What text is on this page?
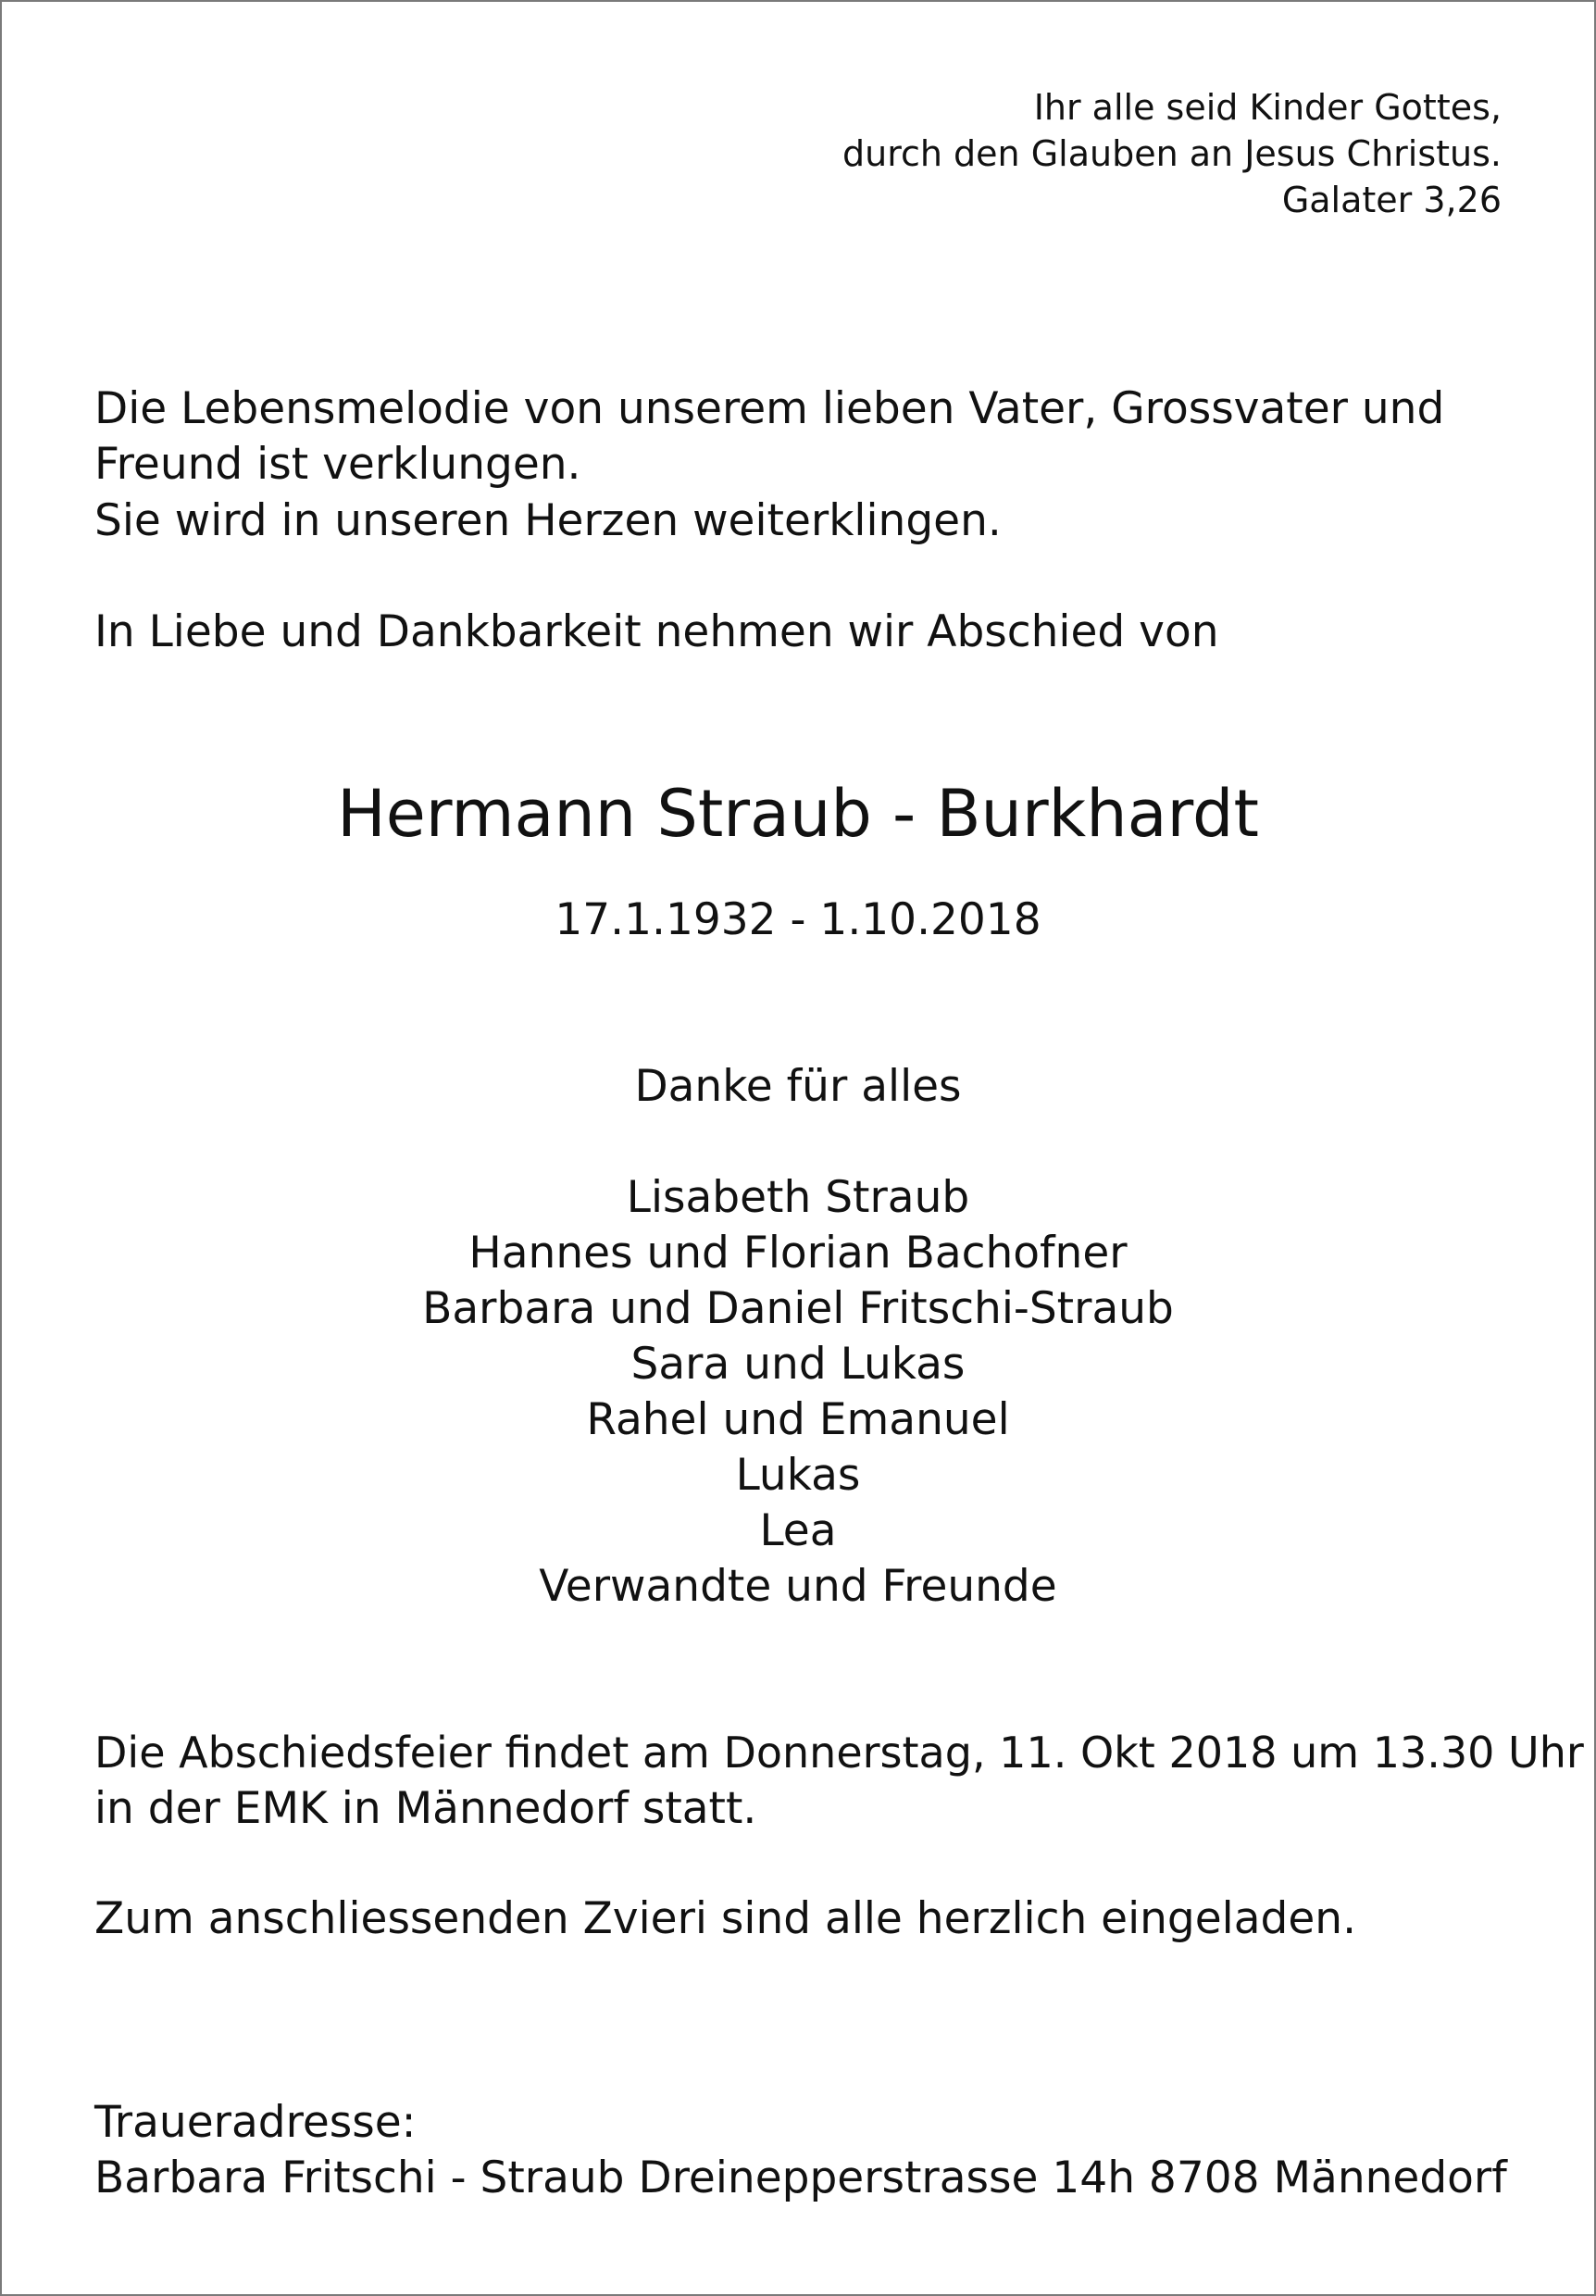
Ihr alle seid Kinder Gottes,
durch den Glauben an Jesus Christus.
Galater 3,26
Die Lebensmelodie von unserem lieben Vater, Grossvater und
Freund ist verklungen.
Sie wird in unseren Herzen weiterklingen.
In Liebe und Dankbarkeit nehmen wir Abschied von
Hermann Straub - Burkhardt
17.1.1932 - 1.10.2018
Danke für alles
Lisabeth Straub
Hannes und Florian Bachofner
Barbara und Daniel Fritschi-Straub
Sara und Lukas
Rahel und Emanuel
Lukas
Lea
Verwandte und Freunde
Die Abschiedsfeier findet am Donnerstag, 11. Okt 2018 um 13.30 Uhr
in der EMK in Männedorf statt.
Zum anschliessenden Zvieri sind alle herzlich eingeladen.
Traueradresse:
Barbara Fritschi - Straub Dreinepperstrasse 14h 8708 Männedorf
